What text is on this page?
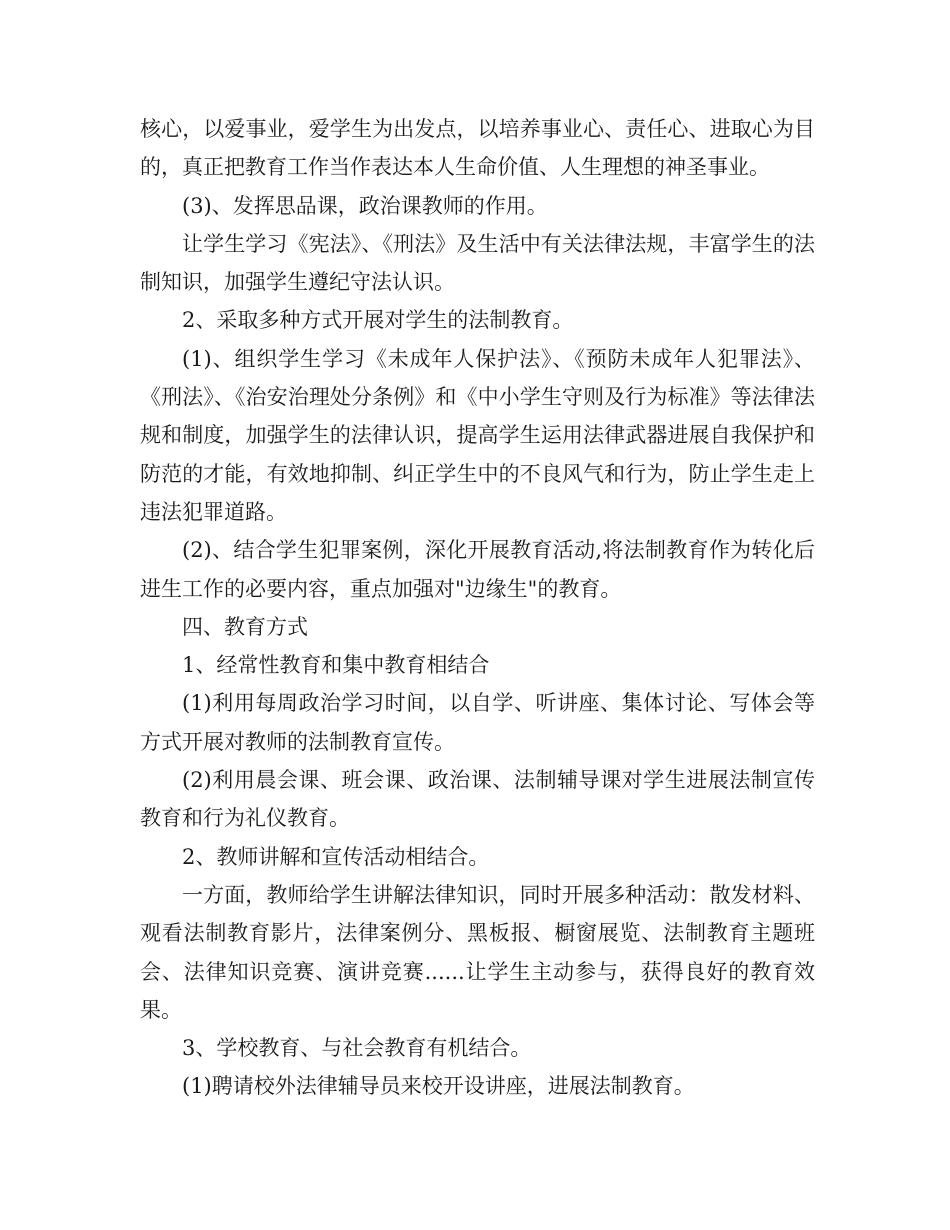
核心，以爱事业，爱学生为出发点，以培养事业心、责任心、进取心为目的，真正把教育工作当作表达本人生命价值、人生理想的神圣事业。

(3)、发挥思品课，政治课教师的作用。

让学生学习《宪法》、《刑法》及生活中有关法律法规，丰富学生的法制知识，加强学生遵纪守法认识。

2、采取多种方式开展对学生的法制教育。

(1)、组织学生学习《未成年人保护法》、《预防未成年人犯罪法》、《刑法》、《治安治理处分条例》和《中小学生守则及行为标准》等法律法规和制度，加强学生的法律认识，提高学生运用法律武器进展自我保护和防范的才能，有效地抑制、纠正学生中的不良风气和行为，防止学生走上违法犯罪道路。

(2)、结合学生犯罪案例，深化开展教育活动,将法制教育作为转化后进生工作的必要内容，重点加强对"边缘生"的教育。

四、教育方式

1、经常性教育和集中教育相结合

(1)利用每周政治学习时间，以自学、听讲座、集体讨论、写体会等方式开展对教师的法制教育宣传。

(2)利用晨会课、班会课、政治课、法制辅导课对学生进展法制宣传教育和行为礼仪教育。

2、教师讲解和宣传活动相结合。

一方面，教师给学生讲解法律知识，同时开展多种活动：散发材料、观看法制教育影片，法律案例分、黑板报、橱窗展览、法制教育主题班会、法律知识竞赛、演讲竞赛......让学生主动参与，获得良好的教育效果。

3、学校教育、与社会教育有机结合。

(1)聘请校外法律辅导员来校开设讲座，进展法制教育。
